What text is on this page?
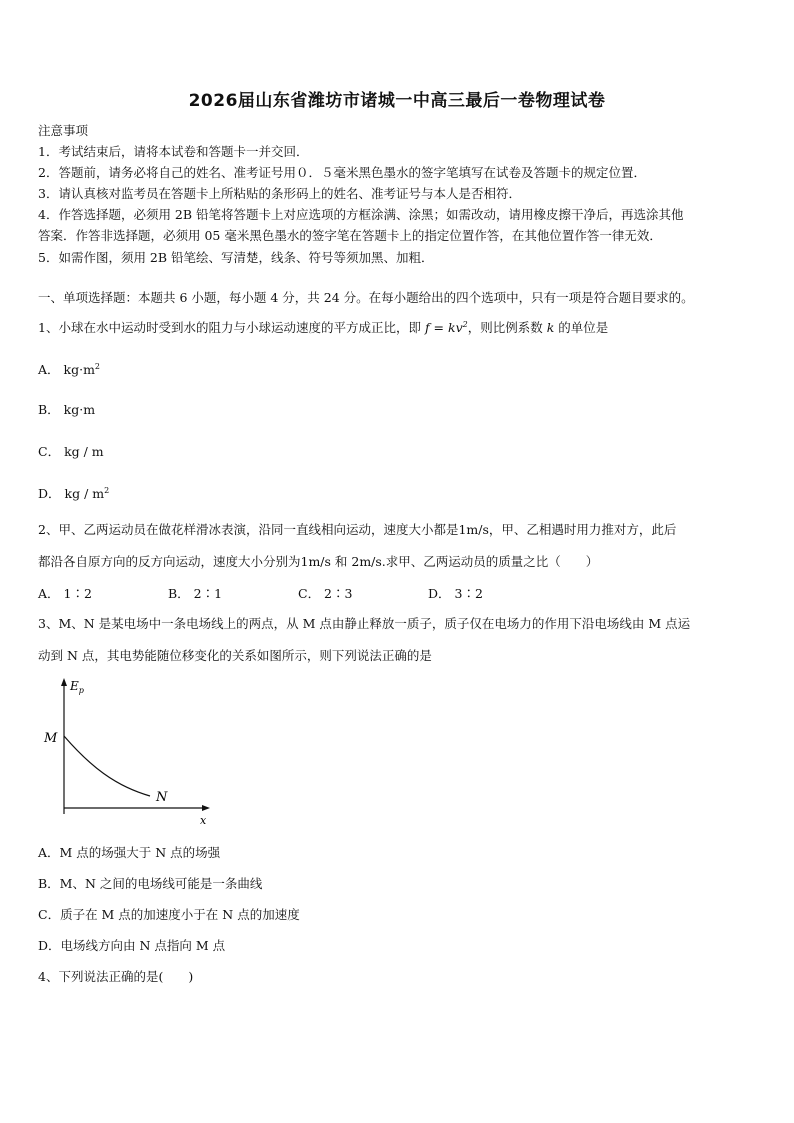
2026届山东省潍坊市诸城一中高三最后一卷物理试卷
注意事项
1．考试结束后，请将本试卷和答题卡一并交回．
2．答题前，请务必将自己的姓名、准考证号用０．５毫米黑色墨水的签字笔填写在试卷及答题卡的规定位置．
3．请认真核对监考员在答题卡上所粘贴的条形码上的姓名、准考证号与本人是否相符．
4．作答选择题，必须用 2B 铅笔将答题卡上对应选项的方框涂满、涂黑；如需改动，请用橡皮擦干净后，再选涂其他
答案．作答非选择题，必须用 05 毫米黑色墨水的签字笔在答题卡上的指定位置作答，在其他位置作答一律无效．
5．如需作图，须用 2B 铅笔绘、写清楚，线条、符号等须加黑、加粗．
一、单项选择题：本题共 6 小题，每小题 4 分，共 24 分。在每小题给出的四个选项中，只有一项是符合题目要求的。
1、小球在水中运动时受到水的阻力与小球运动速度的平方成正比，即 $f = kv^2$，则比例系数 k 的单位是
A． $kg\cdot m^2$
B． kg·m
C． kg / m
D． kg / $m^2$
2、甲、乙两运动员在做花样滑冰表演，沿同一直线相向运动，速度大小都是1m/s，甲、乙相遇时用力推对方，此后
都沿各自原方向的反方向运动，速度大小分别为1m/s 和 2m/s.求甲、乙两运动员的质量之比（　　）
A． 1∶2	B． 2∶1	C． 2∶3	D． 3∶2
3、M、N 是某电场中一条电场线上的两点，从 M 点由静止释放一质子，质子仅在电场力的作用下沿电场线由 M 点运
动到 N 点，其电势能随位移变化的关系如图所示，则下列说法正确的是
$E_p$
x
M
N
A．M 点的场强大于 N 点的场强
B．M、N 之间的电场线可能是一条曲线
C．质子在 M 点的加速度小于在 N 点的加速度
D．电场线方向由 N 点指向 M 点
4、下列说法正确的是(　　)
